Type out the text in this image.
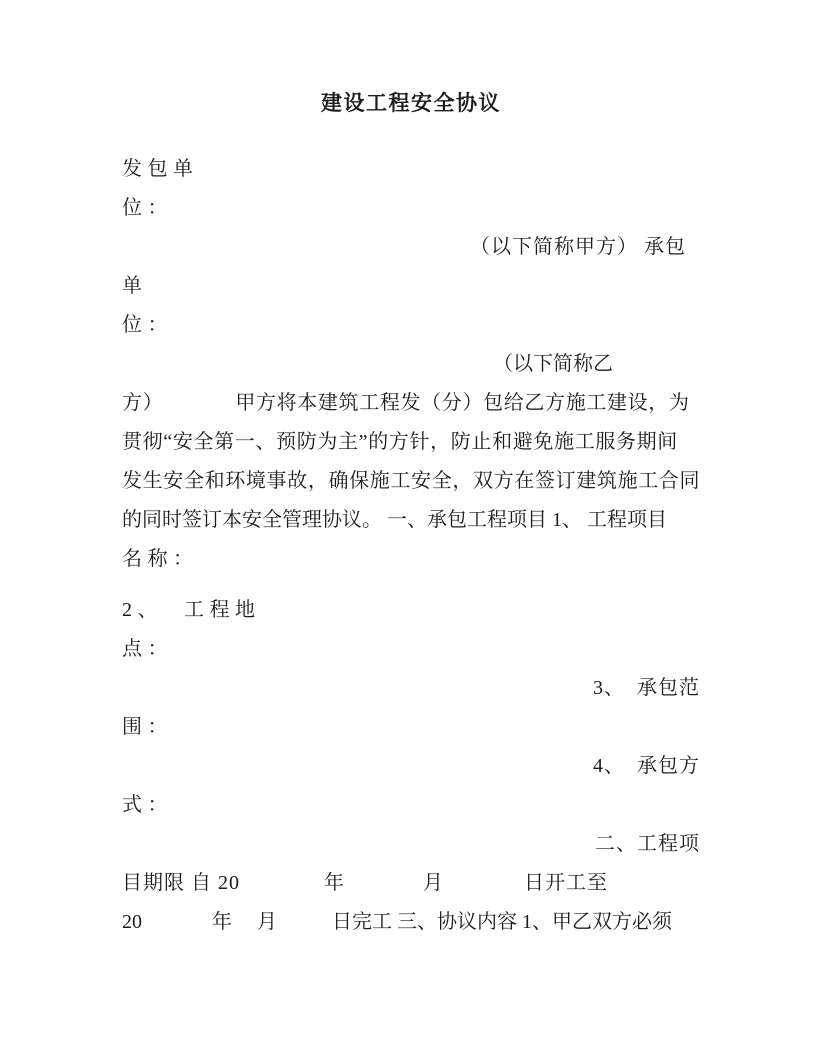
建设工程安全协议
发包单
位：
（以下简称甲方） 承包
单
位：
（以下简称乙
方）	甲方将本建筑工程发（分）包给乙方施工建设，为
贯彻“安全第一、预防为主”的方针，防止和避免施工服务期间
发生安全和环境事故，确保施工安全，双方在签订建筑施工合同
的同时签订本安全管理协议。 一、承包工程项目 1、 工程项目
名称：
2、  工程地
点：
3、  承包范
围：
4、  承包方
式：
二、工程项
目期限 自 20	年	月	日开工至
20	年 月	日完工 三、协议内容 1、甲乙双方必须
